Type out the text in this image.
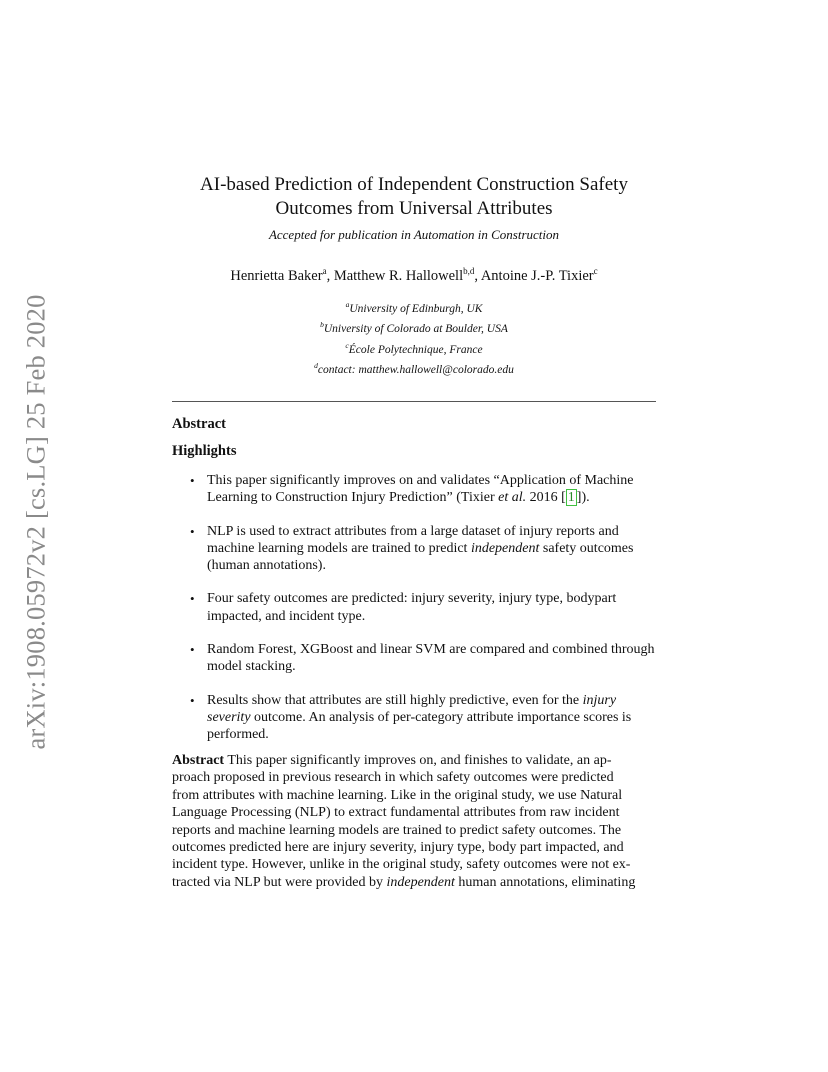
arXiv:1908.05972v2 [cs.LG] 25 Feb 2020
AI-based Prediction of Independent Construction Safety
Outcomes from Universal Attributes
Accepted for publication in Automation in Construction
Henrietta Baker$^a$, Matthew R. Hallowell$^{b,d}$, Antoine J.-P. Tixier$^c$
$^a$University of Edinburgh, UK
$^b$University of Colorado at Boulder, USA
$^c$École Polytechnique, France
$^d$contact: matthew.hallowell@colorado.edu
Abstract
Highlights
• This paper significantly improves on and validates “Application of Machine
Learning to Construction Injury Prediction” (Tixier et al. 2016 [ 1 ]).
• NLP is used to extract attributes from a large dataset of injury reports and
machine learning models are trained to predict independent safety outcomes
(human annotations).
• Four safety outcomes are predicted: injury severity, injury type, bodypart
impacted, and incident type.
• Random Forest, XGBoost and linear SVM are compared and combined through
model stacking.
• Results show that attributes are still highly predictive, even for the injury
severity outcome. An analysis of per-category attribute importance scores is
performed.

Abstract This paper significantly improves on, and finishes to validate, an ap-
proach proposed in previous research in which safety outcomes were predicted
from attributes with machine learning. Like in the original study, we use Natural
Language Processing (NLP) to extract fundamental attributes from raw incident
reports and machine learning models are trained to predict safety outcomes. The
outcomes predicted here are injury severity, injury type, body part impacted, and
incident type. However, unlike in the original study, safety outcomes were not ex-
tracted via NLP but were provided by independent human annotations, eliminating
